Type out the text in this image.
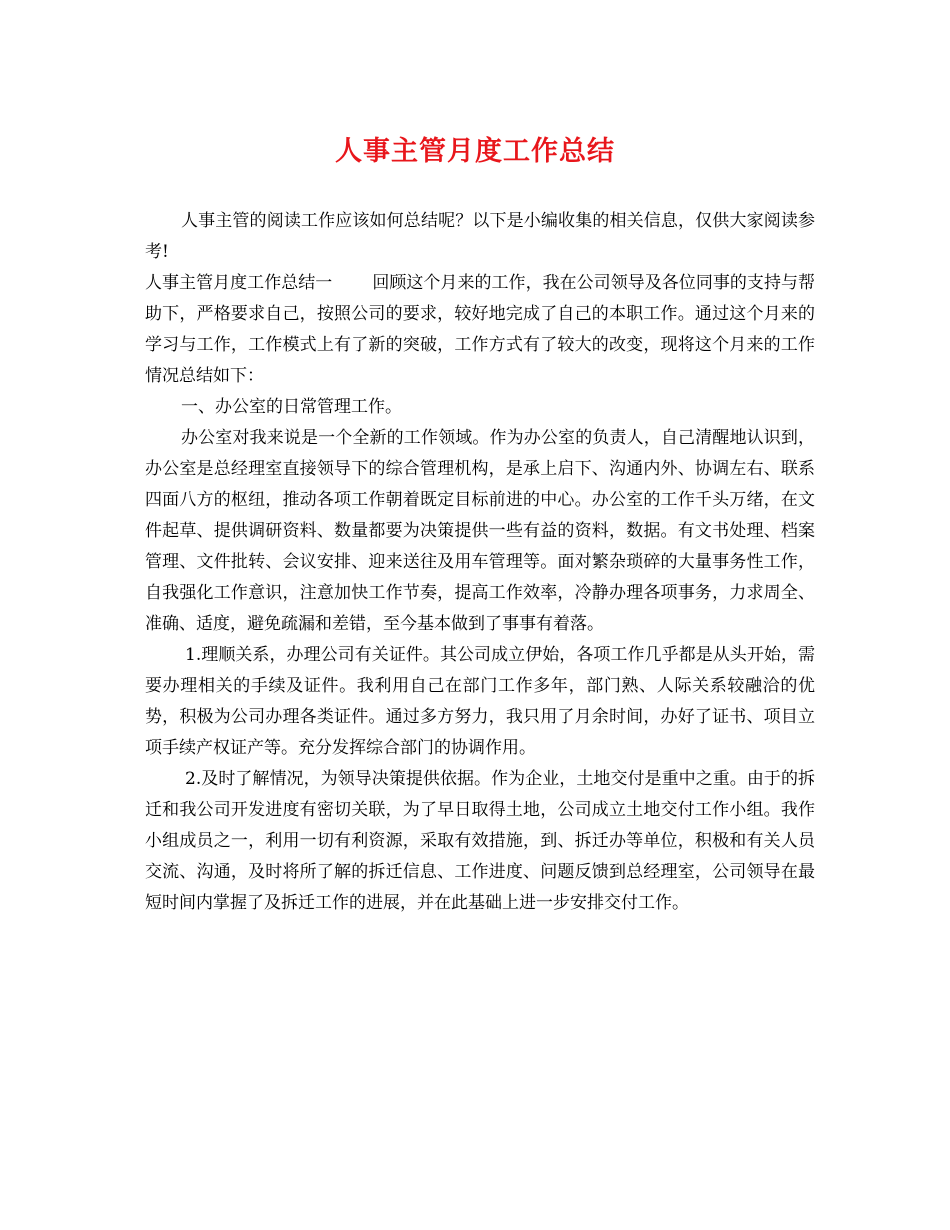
人事主管月度工作总结

人事主管的阅读工作应该如何总结呢？以下是小编收集的相关信息，仅供大家阅读参考!

人事主管月度工作总结一 回顾这个月来的工作，我在公司领导及各位同事的支持与帮助下，严格要求自己，按照公司的要求，较好地完成了自己的本职工作。通过这个月来的学习与工作，工作模式上有了新的突破，工作方式有了较大的改变，现将这个月来的工作情况总结如下：

一、办公室的日常管理工作。

办公室对我来说是一个全新的工作领域。作为办公室的负责人，自己清醒地认识到，办公室是总经理室直接领导下的综合管理机构，是承上启下、沟通内外、协调左右、联系四面八方的枢纽，推动各项工作朝着既定目标前进的中心。办公室的工作千头万绪，在文件起草、提供调研资料、数量都要为决策提供一些有益的资料，数据。有文书处理、档案管理、文件批转、会议安排、迎来送往及用车管理等。面对繁杂琐碎的大量事务性工作，自我强化工作意识，注意加快工作节奏，提高工作效率，冷静办理各项事务，力求周全、准确、适度，避免疏漏和差错，至今基本做到了事事有着落。

1.理顺关系，办理公司有关证件。其公司成立伊始，各项工作几乎都是从头开始，需要办理相关的手续及证件。我利用自己在部门工作多年，部门熟、人际关系较融洽的优势，积极为公司办理各类证件。通过多方努力，我只用了月余时间，办好了证书、项目立项手续产权证产等。充分发挥综合部门的协调作用。

2.及时了解情况，为领导决策提供依据。作为企业，土地交付是重中之重。由于的拆迁和我公司开发进度有密切关联，为了早日取得土地，公司成立土地交付工作小组。我作小组成员之一，利用一切有利资源，采取有效措施，到、拆迁办等单位，积极和有关人员交流、沟通，及时将所了解的拆迁信息、工作进度、问题反馈到总经理室，公司领导在最短时间内掌握了及拆迁工作的进展，并在此基础上进一步安排交付工作。
